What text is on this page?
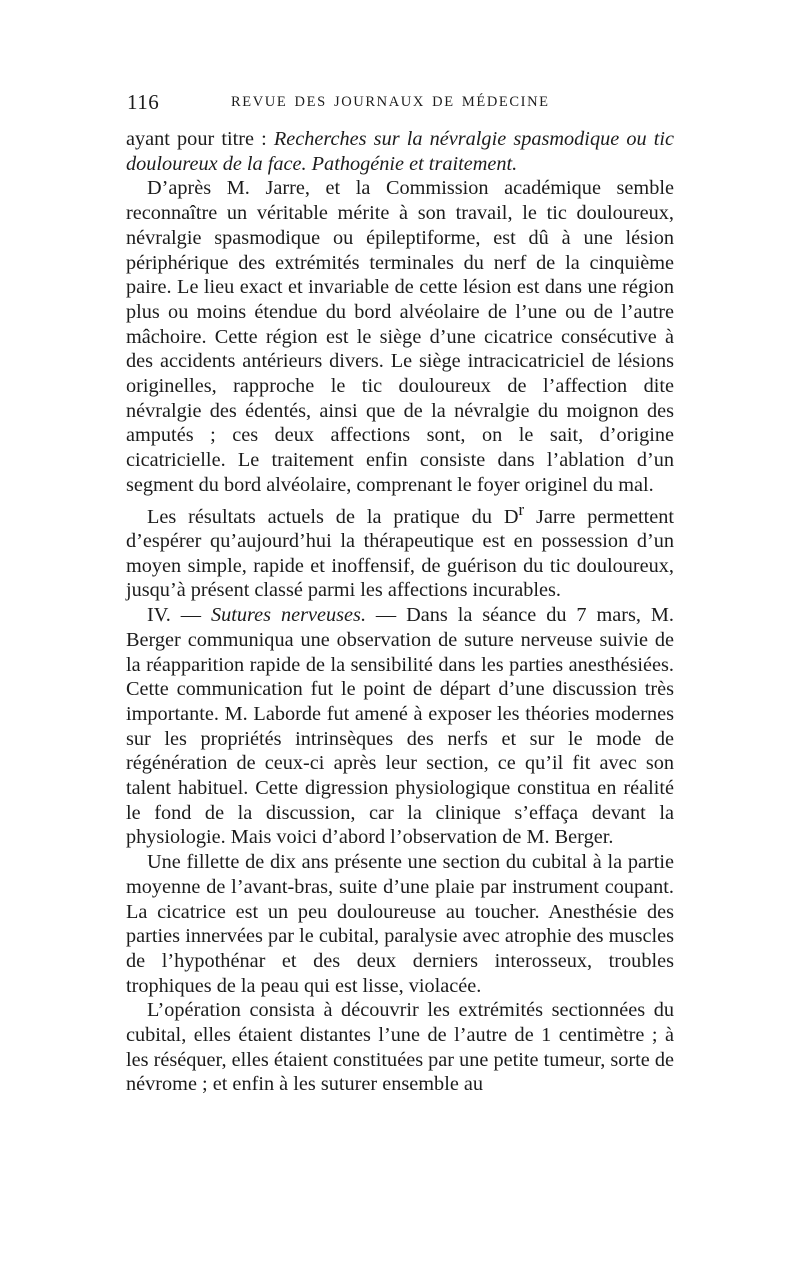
116	REVUE DES JOURNAUX DE MÉDECINE

ayant pour titre : Recherches sur la névralgie spasmodique ou tic douloureux de la face. Pathogénie et traitement.

D’après M. Jarre, et la Commission académique semble reconnaître un véritable mérite à son travail, le tic douloureux, névralgie spasmodique ou épileptiforme, est dû à une lésion périphérique des extrémités terminales du nerf de la cinquième paire. Le lieu exact et invariable de cette lésion est dans une région plus ou moins étendue du bord alvéolaire de l’une ou de l’autre mâchoire. Cette région est le siège d’une cicatrice consécutive à des accidents antérieurs divers. Le siège intracicatriciel de lésions originelles, rapproche le tic douloureux de l’affection dite névralgie des édentés, ainsi que de la névralgie du moignon des amputés ; ces deux affections sont, on le sait, d’origine cicatricielle. Le traitement enfin consiste dans l’ablation d’un segment du bord alvéolaire, comprenant le foyer originel du mal.

Les résultats actuels de la pratique du $D^r$ Jarre permettent d’espérer qu’aujourd’hui la thérapeutique est en possession d’un moyen simple, rapide et inoffensif, de guérison du tic douloureux, jusqu’à présent classé parmi les affections incurables.

IV. — Sutures nerveuses. — Dans la séance du 7 mars, M. Berger communiqua une observation de suture nerveuse suivie de la réapparition rapide de la sensibilité dans les parties anesthésiées. Cette communication fut le point de départ d’une discussion très importante. M. Laborde fut amené à exposer les théories modernes sur les propriétés intrinsèques des nerfs et sur le mode de régénération de ceux-ci après leur section, ce qu’il fit avec son talent habituel. Cette digression physiologique constitua en réalité le fond de la discussion, car la clinique s’effaça devant la physiologie. Mais voici d’abord l’observation de M. Berger.

Une fillette de dix ans présente une section du cubital à la partie moyenne de l’avant-bras, suite d’une plaie par instrument coupant. La cicatrice est un peu douloureuse au toucher. Anesthésie des parties innervées par le cubital, paralysie avec atrophie des muscles de l’hypothénar et des deux derniers interosseux, troubles trophiques de la peau qui est lisse, violacée.

L’opération consista à découvrir les extrémités sectionnées du cubital, elles étaient distantes l’une de l’autre de 1 centimètre ; à les réséquer, elles étaient constituées par une petite tumeur, sorte de névrome ; et enfin à les suturer ensemble au
